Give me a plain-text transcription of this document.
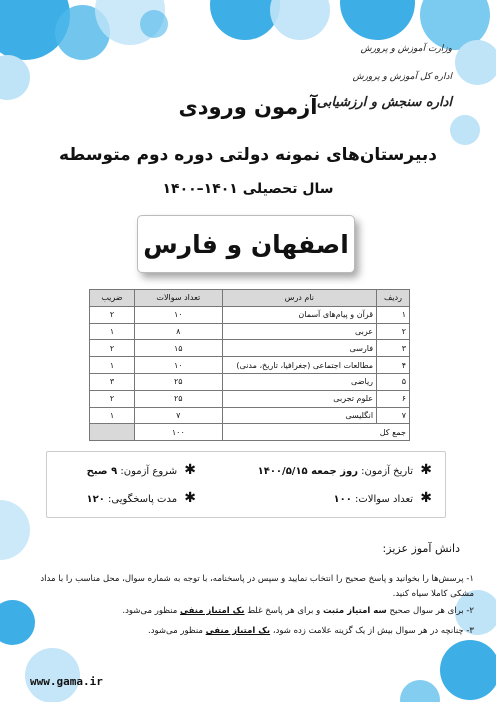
وزارت آموزش و پرورش
اداره کل آموزش و پرورش
اداره سنجش و ارزشیابی
آزمون ورودی
دبیرستان‌های نمونه دولتی دوره دوم متوسطه
سال تحصیلی ۱۴۰۱–۱۴۰۰
اصفهان و فارس
ردیف	نام درس	تعداد سوالات	ضریب
۱	قرآن و پیام‌های آسمان	۱۰	۲
۲	عربی	۸	۱
۳	فارسی	۱۵	۲
۴	مطالعات اجتماعی (جغرافیا، تاریخ، مدنی)	۱۰	۱
۵	ریاضی	۲۵	۳
۶	علوم تجربی	۲۵	۲
۷	انگلیسی	۷	۱
جمع کل		۱۰۰	
✱ تاریخ آزمون: روز جمعه ۱۴۰۰/۵/۱۵
✱ شروع آزمون: ۹ صبح
✱ تعداد سوالات: ۱۰۰
✱ مدت پاسخگویی: ۱۲۰
دانش آموز عزیز:
۱- پرسش‌ها را بخوانید و پاسخ صحیح را انتخاب نمایید و سپس در پاسخنامه، با توجه به شماره سوال، محل مناسب را با مداد مشکی کاملا سیاه کنید.
۲- برای هر سوال صحیح سه امتیاز مثبت و برای هر پاسخ غلط یک امتیاز منفی منظور می‌شود.
۳- چنانچه در هر سوال بیش از یک گزینه علامت زده شود، یک امتیاز منفی منظور می‌شود.
www.gama.ir
